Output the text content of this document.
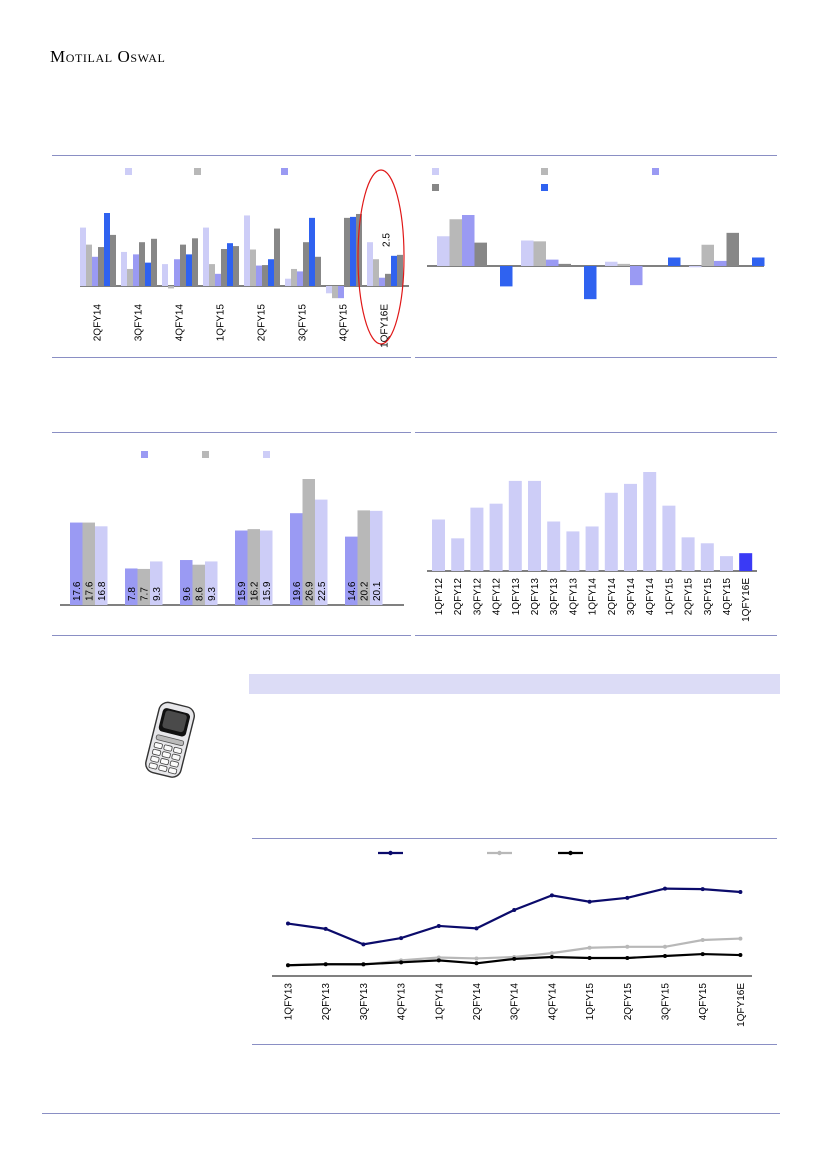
Motilal Oswal
2QFY14	3QFY14	4QFY14	1QFY15	2QFY15	3QFY15	4QFY15	1QFY16E
2.5
17.6 17.6 16.8 7.8 7.7 9.3 9.6 8.6 9.3 15.9 16.2 15.9 19.6 26.9 22.5 14.6 20.2 20.1	1QFY12 2QFY12 3QFY12 4QFY12 1QFY13 2QFY13 3QFY13 4QFY13 1QFY14 2QFY14 3QFY14 4QFY14 1QFY15 2QFY15 3QFY15 4QFY15 1QFY16E
1QFY13	2QFY13	3QFY13	4QFY13	1QFY14	2QFY14	3QFY14	4QFY14	1QFY15	2QFY15	3QFY15	4QFY15	1QFY16E
